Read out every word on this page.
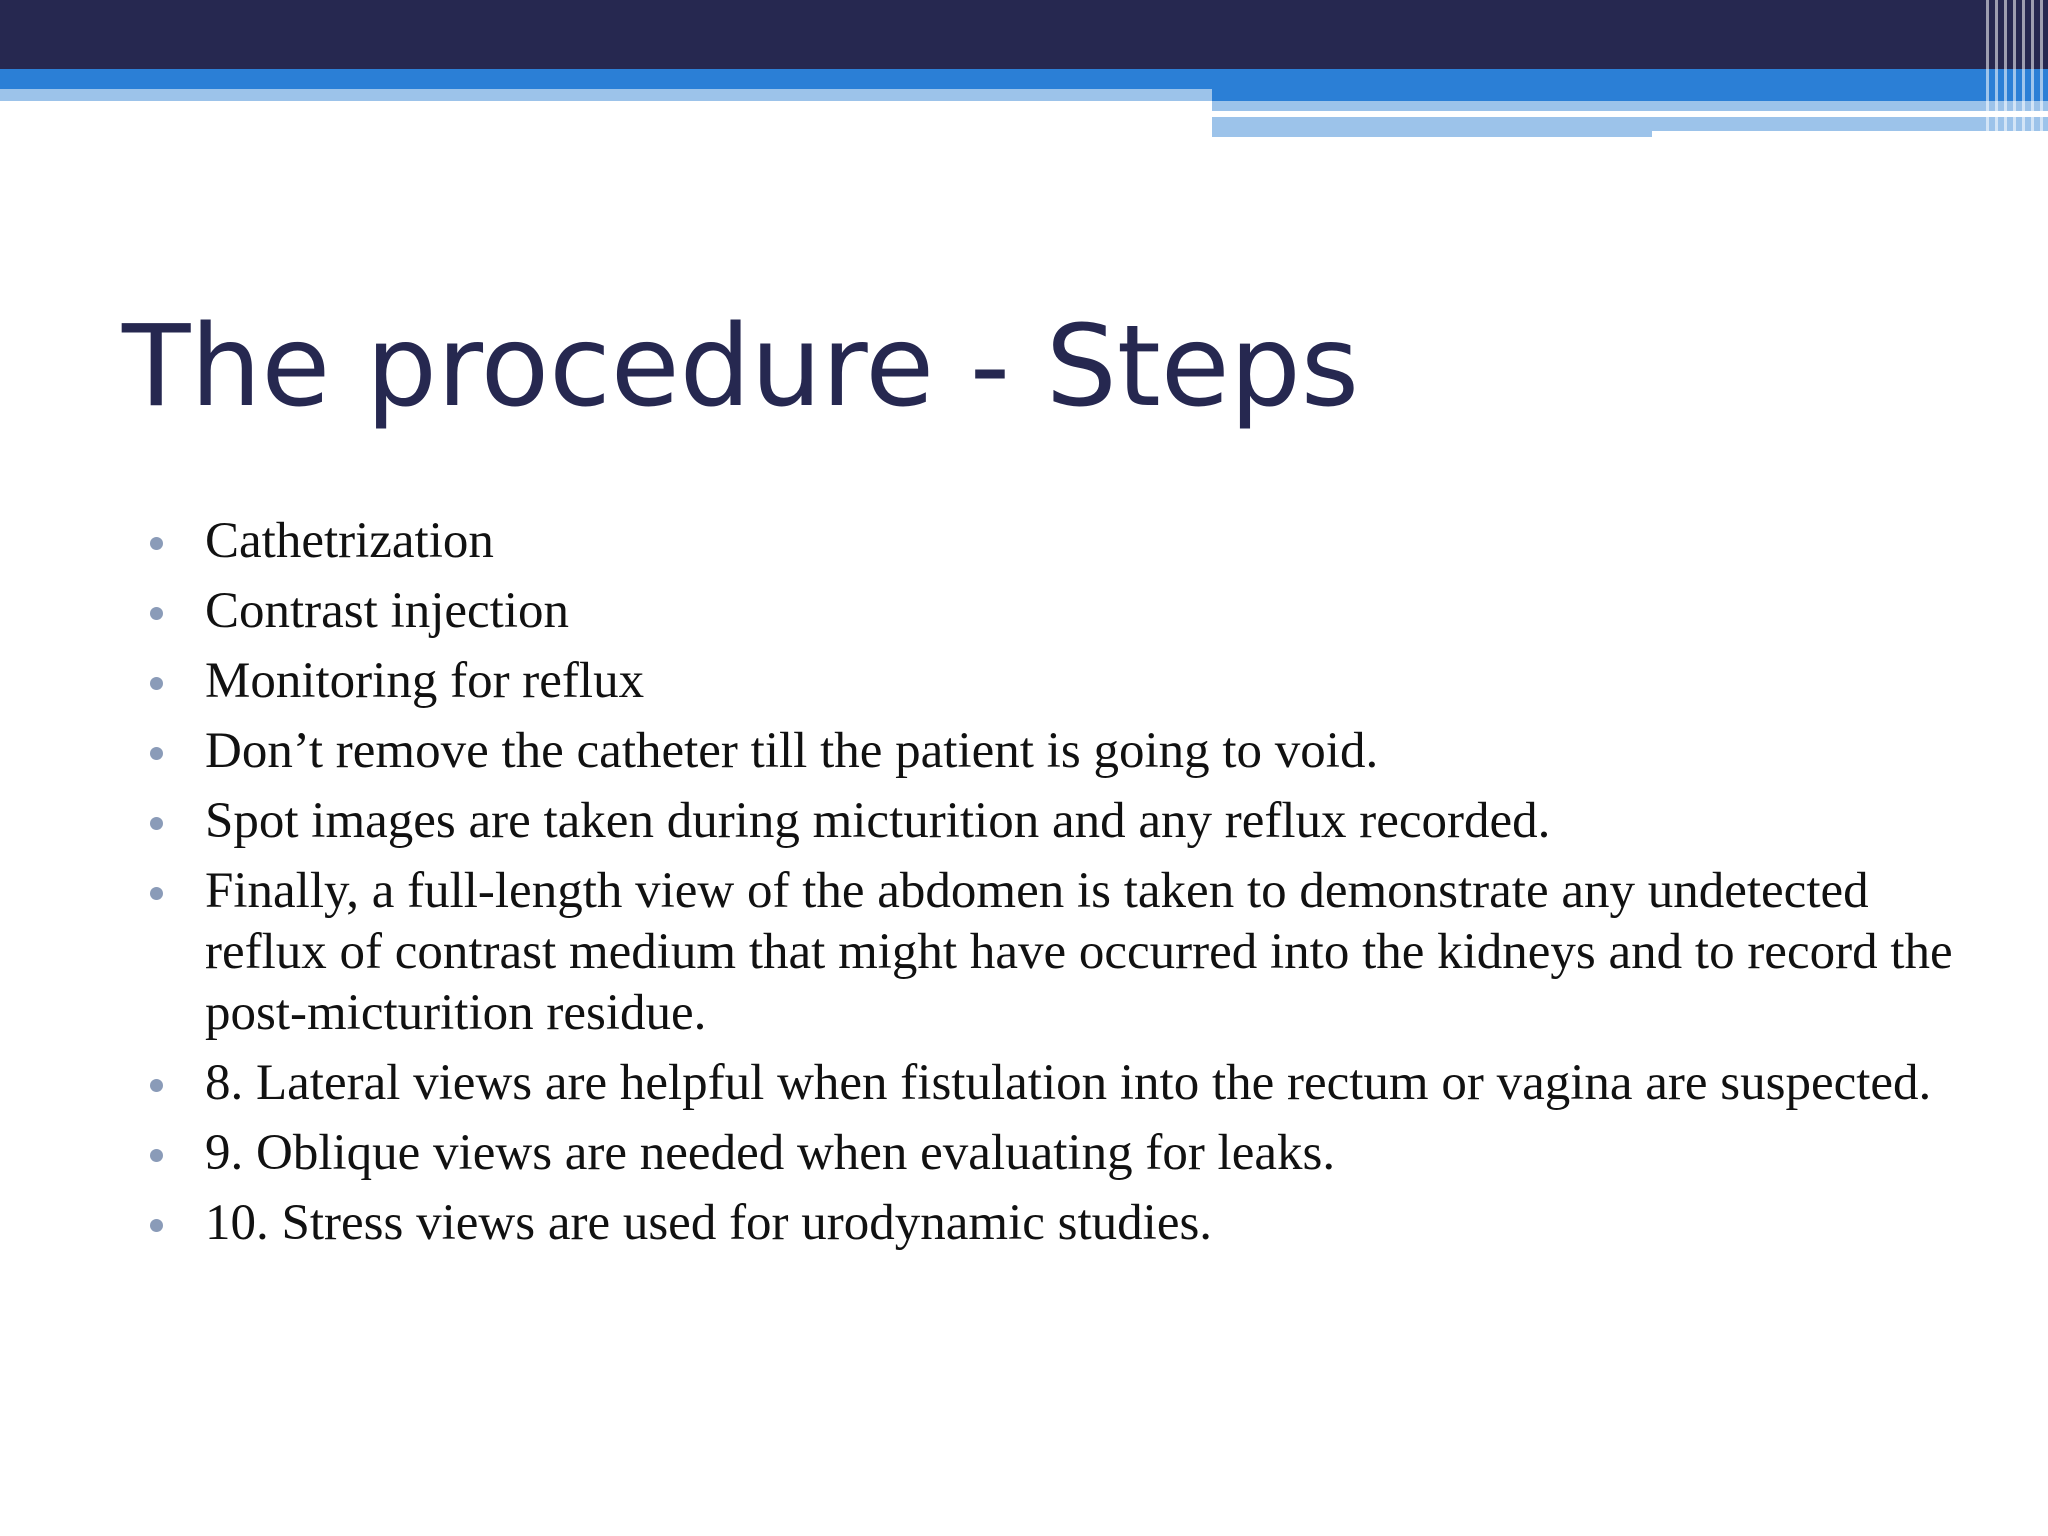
The procedure - Steps
Cathetrization
Contrast injection
Monitoring for reflux
Don’t remove the catheter till the patient is going to void.
Spot images are taken during micturition and any reflux recorded.
Finally, a full-length view of the abdomen is taken to demonstrate any undetected reflux of contrast medium that might have occurred into the kidneys and to record the post-micturition residue.
8. Lateral views are helpful when fistulation into the rectum or vagina are suspected.
9. Oblique views are needed when evaluating for leaks.
10. Stress views are used for urodynamic studies.
